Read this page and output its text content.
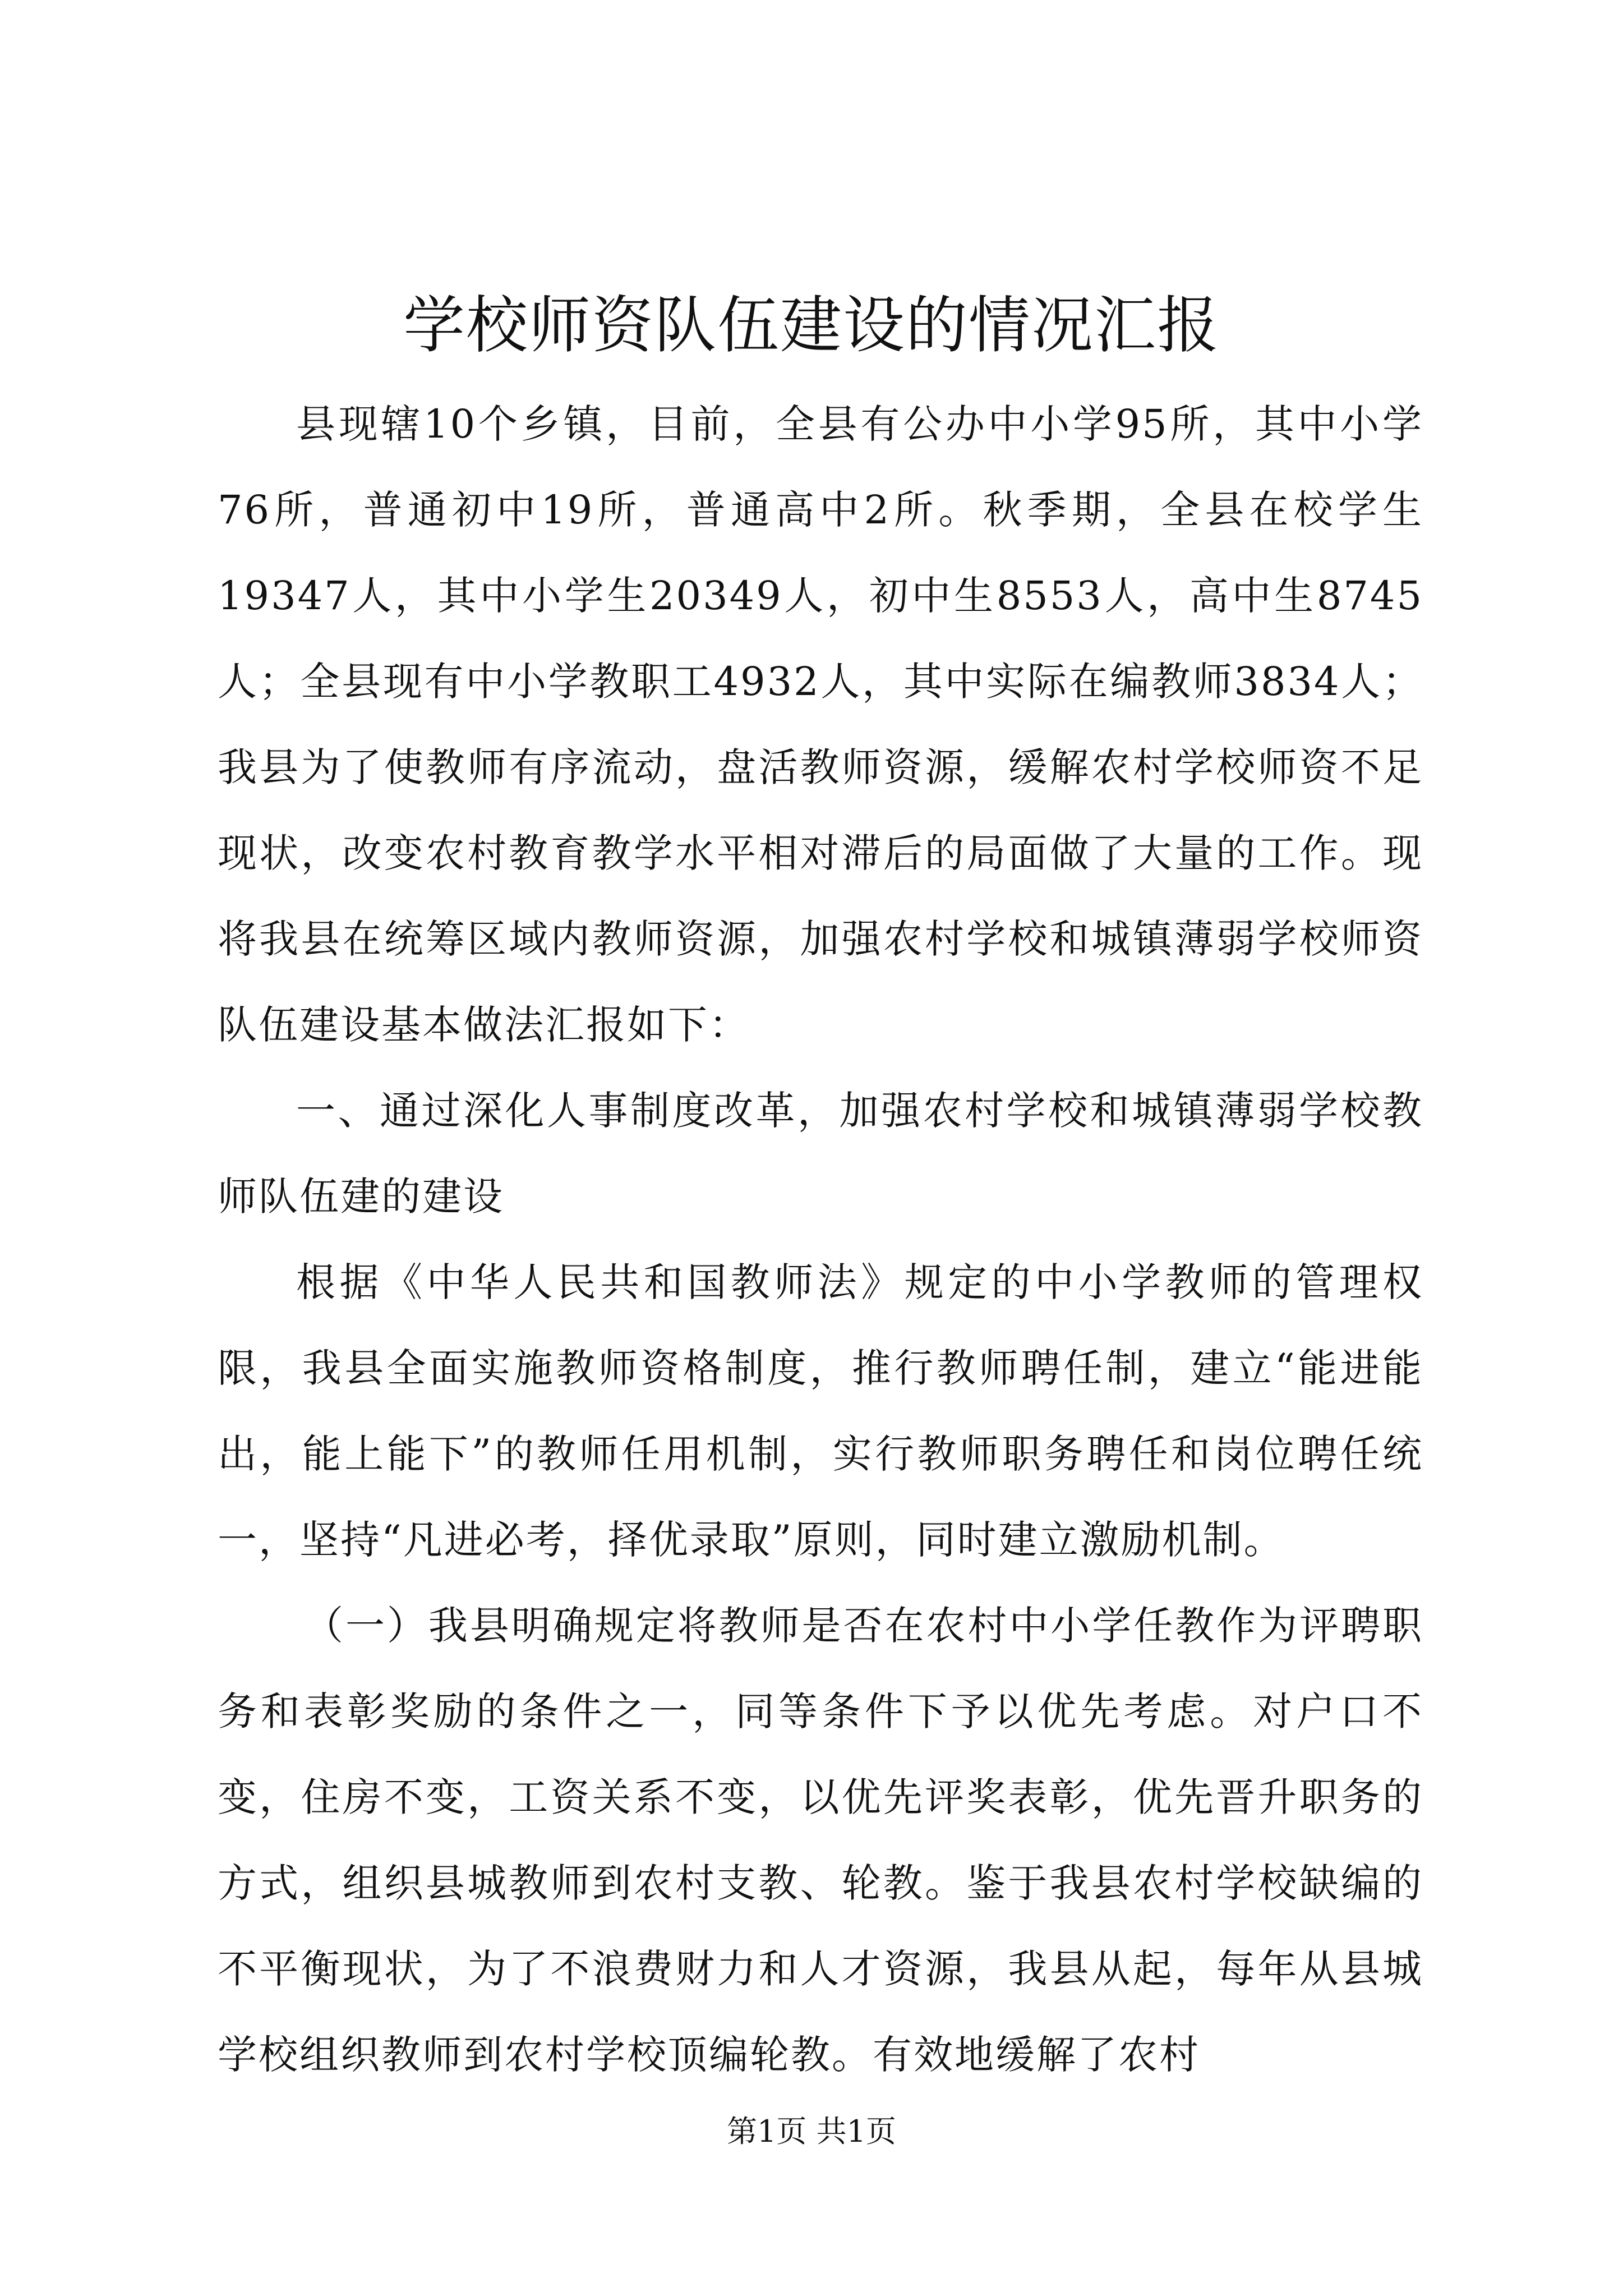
学校师资队伍建设的情况汇报

县现辖10个乡镇，目前，全县有公办中小学95所，其中小学76所，普通初中19所，普通高中2所。秋季期，全县在校学生19347人，其中小学生20349人，初中生8553人，高中生8745人；全县现有中小学教职工4932人，其中实际在编教师3834人；我县为了使教师有序流动，盘活教师资源，缓解农村学校师资不足现状，改变农村教育教学水平相对滞后的局面做了大量的工作。现将我县在统筹区域内教师资源，加强农村学校和城镇薄弱学校师资队伍建设基本做法汇报如下：

一、通过深化人事制度改革，加强农村学校和城镇薄弱学校教师队伍建的建设

根据《中华人民共和国教师法》规定的中小学教师的管理权限，我县全面实施教师资格制度，推行教师聘任制，建立“能进能出，能上能下”的教师任用机制，实行教师职务聘任和岗位聘任统一，坚持“凡进必考，择优录取”原则，同时建立激励机制。

（一）我县明确规定将教师是否在农村中小学任教作为评聘职务和表彰奖励的条件之一，同等条件下予以优先考虑。对户口不变，住房不变，工资关系不变，以优先评奖表彰，优先晋升职务的方式，组织县城教师到农村支教、轮教。鉴于我县农村学校缺编的不平衡现状，为了不浪费财力和人才资源，我县从起，每年从县城学校组织教师到农村学校顶编轮教。有效地缓解了农村

第1页 共1页
